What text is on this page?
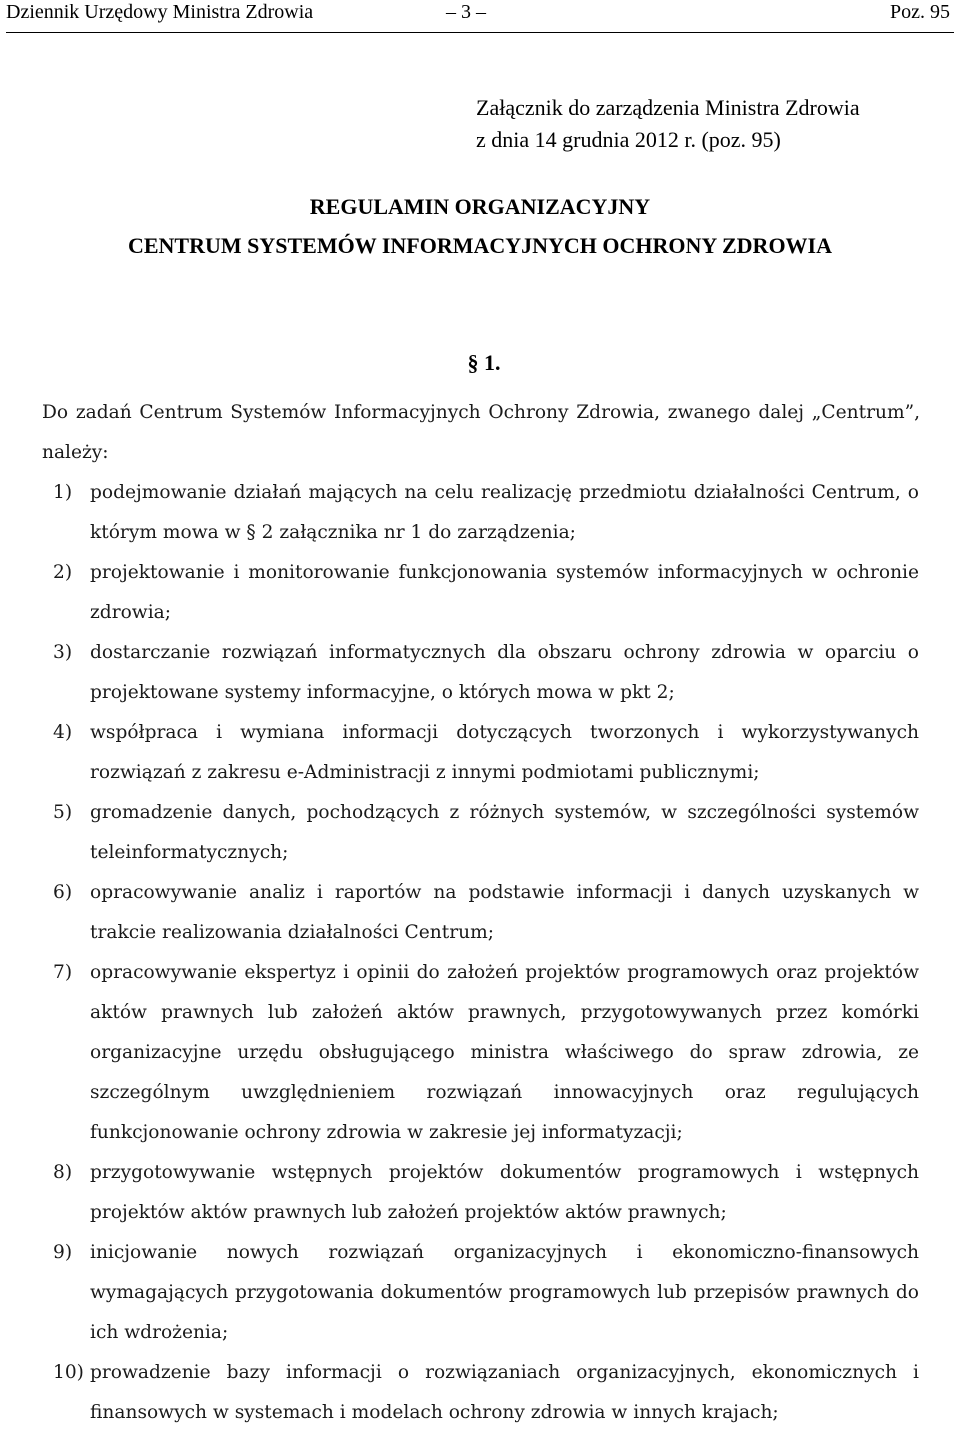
Dziennik Urzędowy Ministra Zdrowia	– 3 –	Poz. 95
Załącznik do zarządzenia Ministra Zdrowia
z dnia 14 grudnia 2012 r. (poz. 95)
REGULAMIN ORGANIZACYJNY
CENTRUM SYSTEMÓW INFORMACYJNYCH OCHRONY ZDROWIA
§ 1.
Do zadań Centrum Systemów Informacyjnych Ochrony Zdrowia, zwanego dalej „Centrum”, należy:
1) podejmowanie działań mających na celu realizację przedmiotu działalności Centrum, o którym mowa w § 2 załącznika nr 1 do zarządzenia;
2) projektowanie i monitorowanie funkcjonowania systemów informacyjnych w ochronie zdrowia;
3) dostarczanie rozwiązań informatycznych dla obszaru ochrony zdrowia w oparciu o projektowane systemy informacyjne, o których mowa w pkt 2;
4) współpraca i wymiana informacji dotyczących tworzonych i wykorzystywanych rozwiązań z zakresu e-Administracji z innymi podmiotami publicznymi;
5) gromadzenie danych, pochodzących z różnych systemów, w szczególności systemów teleinformatycznych;
6) opracowywanie analiz i raportów na podstawie informacji i danych uzyskanych w trakcie realizowania działalności Centrum;
7) opracowywanie ekspertyz i opinii do założeń projektów programowych oraz projektów aktów prawnych lub założeń aktów prawnych, przygotowywanych przez komórki organizacyjne urzędu obsługującego ministra właściwego do spraw zdrowia, ze szczególnym uwzględnieniem rozwiązań innowacyjnych oraz regulujących funkcjonowanie ochrony zdrowia w zakresie jej informatyzacji;
8) przygotowywanie wstępnych projektów dokumentów programowych i wstępnych projektów aktów prawnych lub założeń projektów aktów prawnych;
9) inicjowanie nowych rozwiązań organizacyjnych i ekonomiczno-finansowych wymagających przygotowania dokumentów programowych lub przepisów prawnych do ich wdrożenia;
10) prowadzenie bazy informacji o rozwiązaniach organizacyjnych, ekonomicznych i finansowych w systemach i modelach ochrony zdrowia w innych krajach;
